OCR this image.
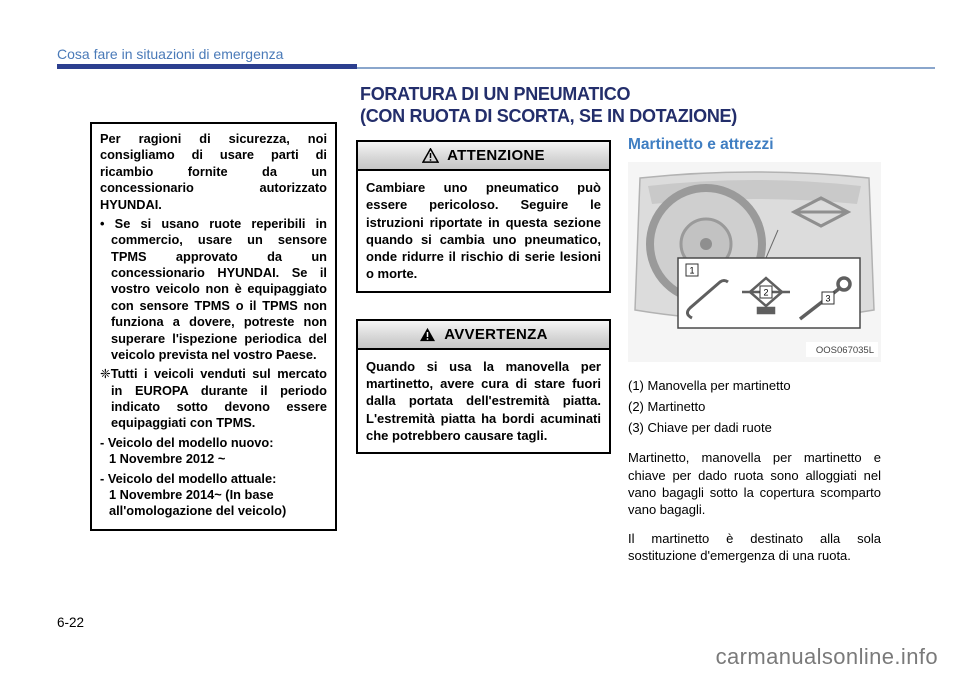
Cosa fare in situazioni di emergenza
FORATURA DI UN PNEUMATICO
(CON RUOTA DI SCORTA, SE IN DOTAZIONE)
Per ragioni di sicurezza, noi consigliamo di usare parti di ricambio fornite da un concessionario autorizzato HYUNDAI.
• Se si usano ruote reperibili in commercio, usare un sensore TPMS approvato da un concessionario HYUNDAI. Se il vostro veicolo non è equipaggiato con sensore TPMS o il TPMS non funziona a dovere, potreste non superare l'ispezione periodica del veicolo prevista nel vostro Paese.
❈Tutti i veicoli venduti sul mercato in EUROPA durante il periodo indicato sotto devono essere equipaggiati con TPMS.
- Veicolo del modello nuovo:
1 Novembre 2012 ~
- Veicolo del modello attuale:
1 Novembre 2014~ (In base all'omologazione del veicolo)
ATTENZIONE
Cambiare uno pneumatico può essere pericoloso. Seguire le istruzioni riportate in questa sezione quando si cambia uno pneumatico, onde ridurre il rischio di serie lesioni o morte.
AVVERTENZA
Quando si usa la manovella per martinetto, avere cura di stare fuori dalla portata dell'estremità piatta. L'estremità piatta ha bordi acuminati che potrebbero causare tagli.
Martinetto e attrezzi
1
2
3
OOS067035L
(1) Manovella per martinetto
(2) Martinetto
(3) Chiave per dadi ruote
Martinetto, manovella per martinetto e chiave per dado ruota sono alloggiati nel vano bagagli sotto la copertura scomparto vano bagagli.
Il martinetto è destinato alla sola sostituzione d'emergenza di una ruota.
6-22
carmanualsonline.info
